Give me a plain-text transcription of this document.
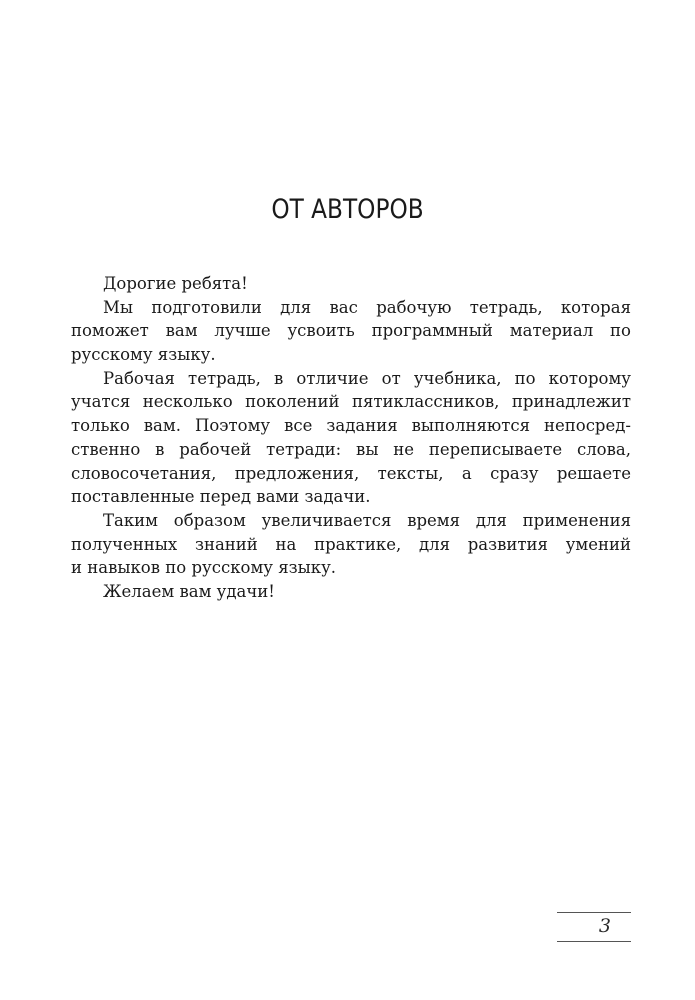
ОТ АВТОРОВ
Дорогие ребята!
Мы подготовили для вас рабочую тетрадь, которая
поможет вам лучше усвоить программный материал по
русскому языку.
Рабочая тетрадь, в отличие от учебника, по которому
учатся несколько поколений пятиклассников, принадлежит
только вам. Поэтому все задания выполняются непосред-
ственно в рабочей тетради: вы не переписываете слова,
словосочетания, предложения, тексты, а сразу решаете
поставленные перед вами задачи.
Таким образом увеличивается время для применения
полученных знаний на практике, для развития умений
и навыков по русскому языку.
Желаем вам удачи!
3
